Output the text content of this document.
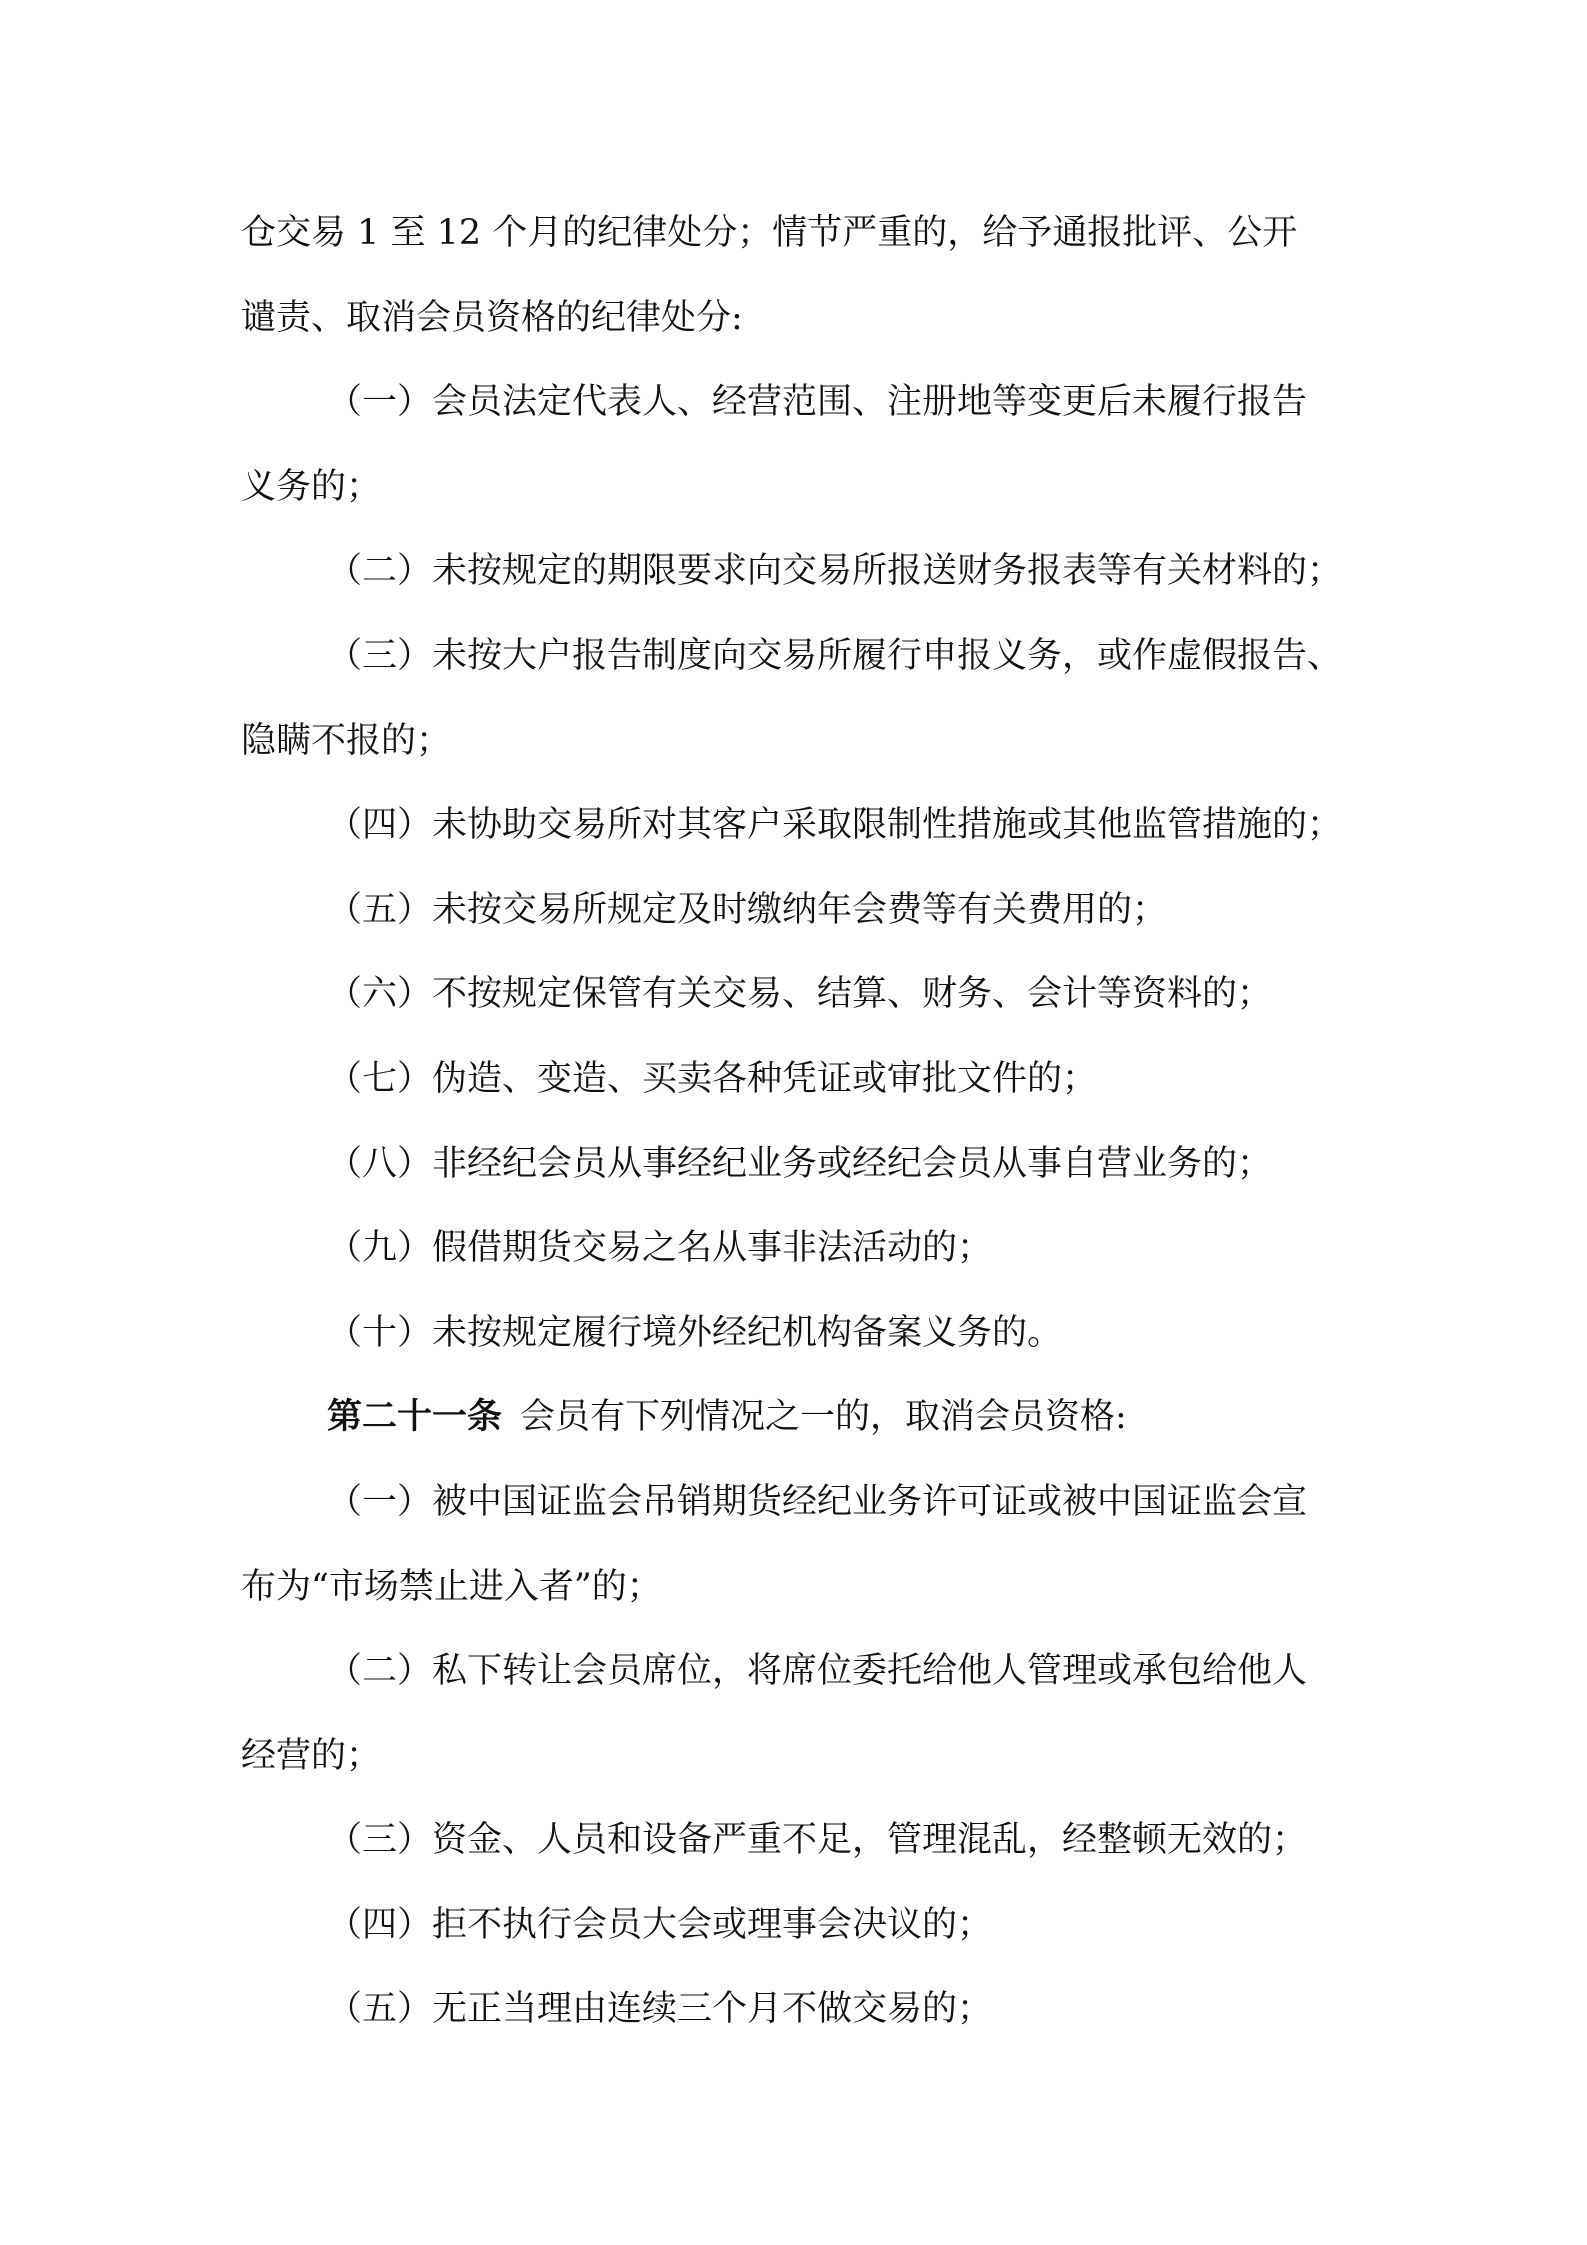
仓交易 1 至 12 个月的纪律处分；情节严重的，给予通报批评、公开

谴责、取消会员资格的纪律处分:

（一）会员法定代表人、经营范围、注册地等变更后未履行报告

义务的；

（二）未按规定的期限要求向交易所报送财务报表等有关材料的；

（三）未按大户报告制度向交易所履行申报义务，或作虚假报告、

隐瞒不报的；

（四）未协助交易所对其客户采取限制性措施或其他监管措施的；

（五）未按交易所规定及时缴纳年会费等有关费用的；

（六）不按规定保管有关交易、结算、财务、会计等资料的；

（七）伪造、变造、买卖各种凭证或审批文件的；

（八）非经纪会员从事经纪业务或经纪会员从事自营业务的；

（九）假借期货交易之名从事非法活动的；

（十）未按规定履行境外经纪机构备案义务的。

第二十一条 会员有下列情况之一的，取消会员资格:

（一）被中国证监会吊销期货经纪业务许可证或被中国证监会宣

布为“市场禁止进入者”的；

（二）私下转让会员席位，将席位委托给他人管理或承包给他人

经营的；

（三）资金、人员和设备严重不足，管理混乱，经整顿无效的；

（四）拒不执行会员大会或理事会决议的；

（五）无正当理由连续三个月不做交易的；
